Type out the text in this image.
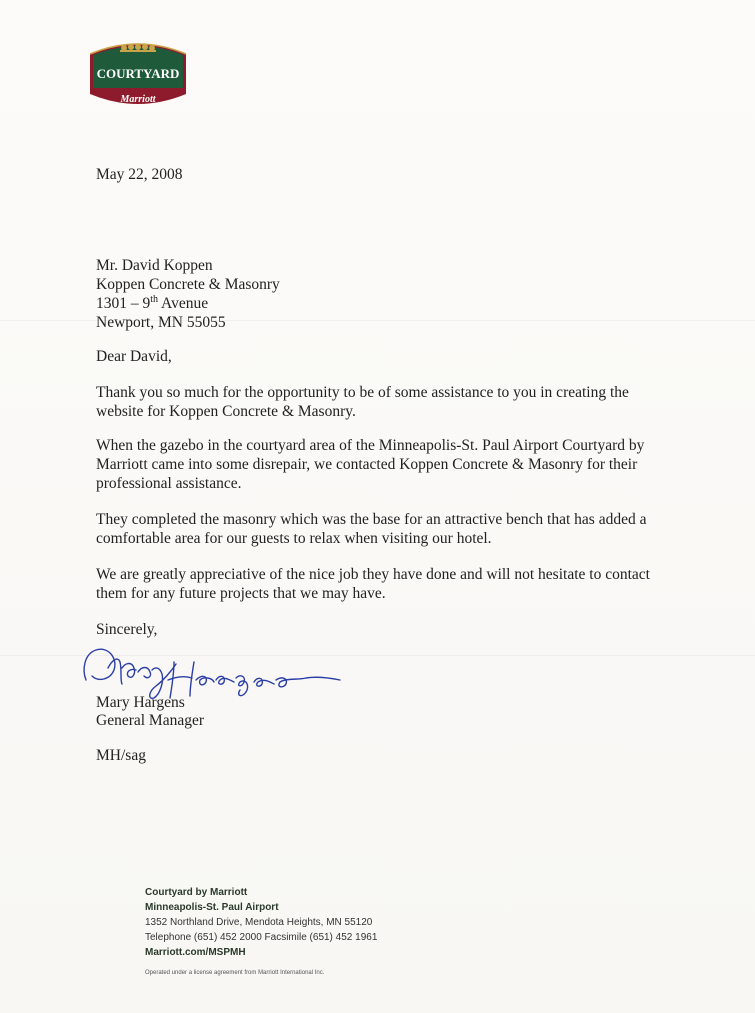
COURTYARD
Marriott
May 22, 2008
Mr. David Koppen
Koppen Concrete & Masonry
1301 – 9th Avenue
Newport, MN 55055
Dear David,
Thank you so much for the opportunity to be of some assistance to you in creating the website for Koppen Concrete & Masonry.
When the gazebo in the courtyard area of the Minneapolis-St. Paul Airport Courtyard by Marriott came into some disrepair, we contacted Koppen Concrete & Masonry for their professional assistance.
They completed the masonry which was the base for an attractive bench that has added a comfortable area for our guests to relax when visiting our hotel.
We are greatly appreciative of the nice job they have done and will not hesitate to contact them for any future projects that we may have.
Sincerely,
Mary Hargens
General Manager
MH/sag
Courtyard by Marriott
Minneapolis-St. Paul Airport
1352 Northland Drive, Mendota Heights, MN 55120
Telephone (651) 452 2000 Facsimile (651) 452 1961
Marriott.com/MSPMH
Operated under a license agreement from Marriott International Inc.
